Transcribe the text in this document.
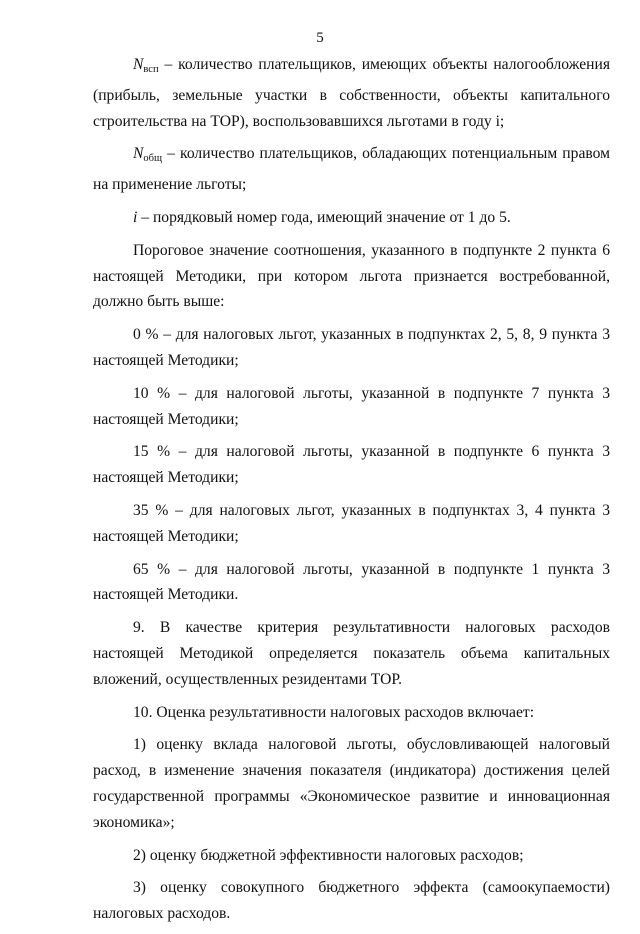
5

$N_{всп}$ – количество плательщиков, имеющих объекты налогообложения (прибыль, земельные участки в собственности, объекты капитального строительства на ТОР), воспользовавшихся льготами в году i;

$N_{общ}$ – количество плательщиков, обладающих потенциальным правом на применение льготы;

i – порядковый номер года, имеющий значение от 1 до 5.

Пороговое значение соотношения, указанного в подпункте 2 пункта 6 настоящей Методики, при котором льгота признается востребованной, должно быть выше:

0 % – для налоговых льгот, указанных в подпунктах 2, 5, 8, 9 пункта 3 настоящей Методики;

10 % – для налоговой льготы, указанной в подпункте 7 пункта 3 настоящей Методики;

15 % – для налоговой льготы, указанной в подпункте 6 пункта 3 настоящей Методики;

35 % – для налоговых льгот, указанных в подпунктах 3, 4 пункта 3 настоящей Методики;

65 % – для налоговой льготы, указанной в подпункте 1 пункта 3 настоящей Методики.

9. В качестве критерия результативности налоговых расходов настоящей Методикой определяется показатель объема капитальных вложений, осуществленных резидентами ТОР.

10. Оценка результативности налоговых расходов включает:

1) оценку вклада налоговой льготы, обусловливающей налоговый расход, в изменение значения показателя (индикатора) достижения целей государственной программы «Экономическое развитие и инновационная экономика»;

2) оценку бюджетной эффективности налоговых расходов;

3) оценку совокупного бюджетного эффекта (самоокупаемости) налоговых расходов.
